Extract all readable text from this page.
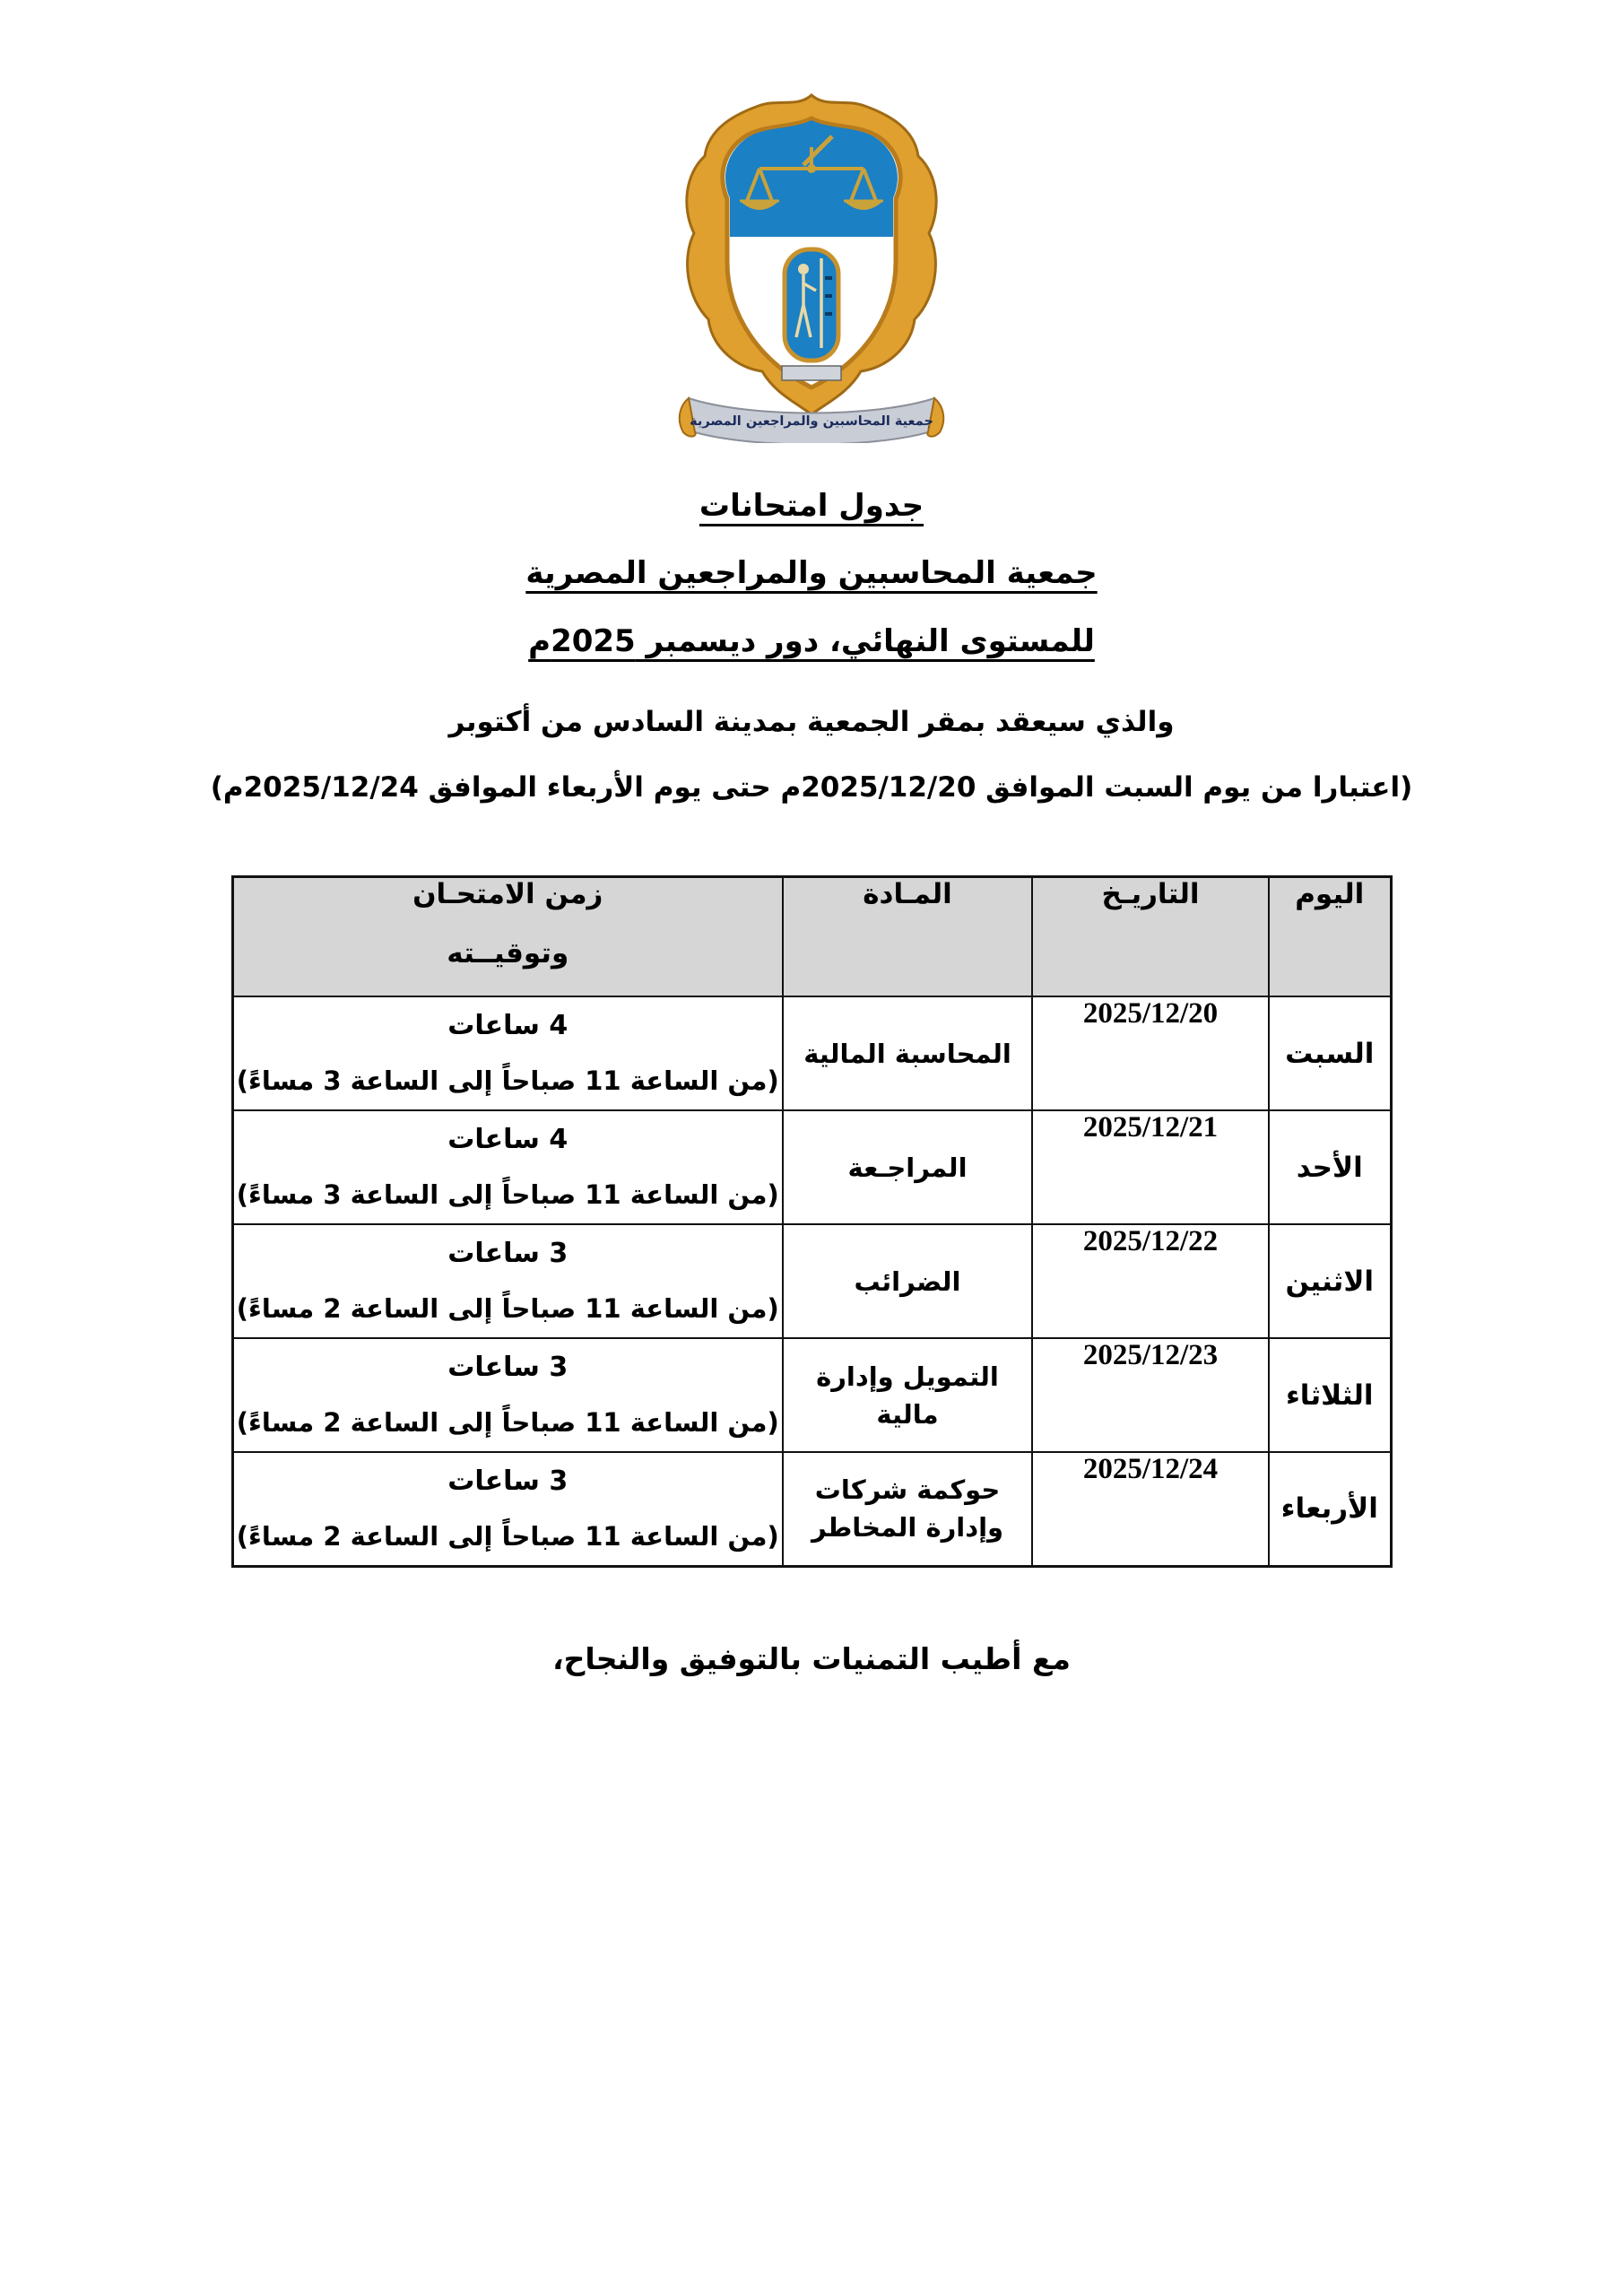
جمعية المحاسبين والمراجعين المصرية

جدول امتحانات

جمعية المحاسبين والمراجعين المصرية

للمستوى النهائي، دور ديسمبر 2025م

والذي سيعقد بمقر الجمعية بمدينة السادس من أكتوبر

(اعتبارا من يوم السبت الموافق 2025/12/20م حتى يوم الأربعاء الموافق 2025/12/24م)

اليوم	التاريـخ	المـادة	زمن الامتحـان
وتوقيــته

السبت	2025/12/20	المحاسبة المالية	4 ساعات
(من الساعة 11 صباحاً إلى الساعة 3 مساءً)

الأحد	2025/12/21	المراجـعة	4 ساعات
(من الساعة 11 صباحاً إلى الساعة 3 مساءً)

الاثنين	2025/12/22	الضرائب	3 ساعات
(من الساعة 11 صباحاً إلى الساعة 2 مساءً)

الثلاثاء	2025/12/23	التمويل وإدارة مالية	3 ساعات
(من الساعة 11 صباحاً إلى الساعة 2 مساءً)

الأربعاء	2025/12/24	حوكمة شركات وإدارة المخاطر	3 ساعات
(من الساعة 11 صباحاً إلى الساعة 2 مساءً)

مع أطيب التمنيات بالتوفيق والنجاح،
